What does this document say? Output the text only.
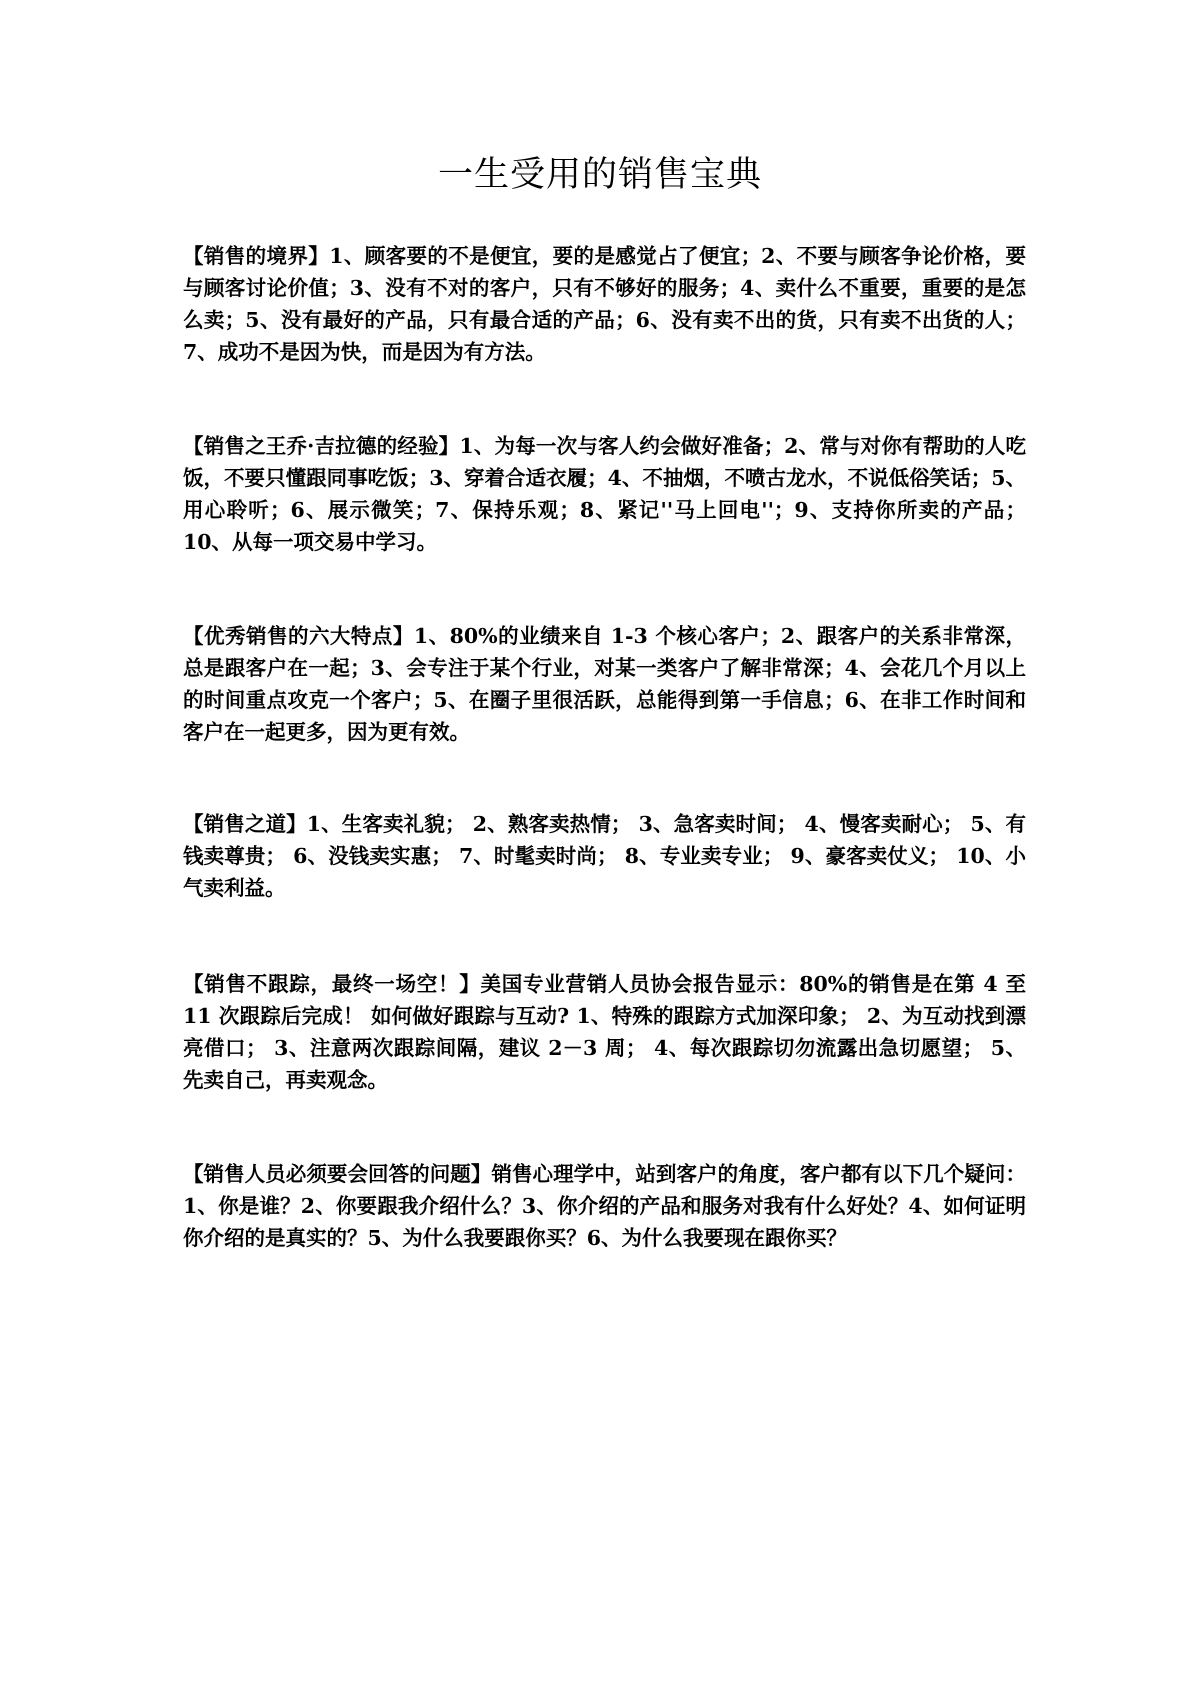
一生受用的销售宝典

【销售的境界】1、顾客要的不是便宜，要的是感觉占了便宜；2、不要与顾客争论价格，要与顾客讨论价值；3、没有不对的客户，只有不够好的服务；4、卖什么不重要，重要的是怎么卖；5、没有最好的产品，只有最合适的产品；6、没有卖不出的货，只有卖不出货的人；7、成功不是因为快，而是因为有方法。

【销售之王乔·吉拉德的经验】1、为每一次与客人约会做好准备；2、常与对你有帮助的人吃饭，不要只懂跟同事吃饭；3、穿着合适衣履；4、不抽烟，不喷古龙水，不说低俗笑话；5、用心聆听；6、展示微笑；7、保持乐观；8、紧记''马上回电''；9、支持你所卖的产品；10、从每一项交易中学习。

【优秀销售的六大特点】1、80%的业绩来自 1-3 个核心客户；2、跟客户的关系非常深，总是跟客户在一起；3、会专注于某个行业，对某一类客户了解非常深；4、会花几个月以上的时间重点攻克一个客户；5、在圈子里很活跃，总能得到第一手信息；6、在非工作时间和客户在一起更多，因为更有效。

【销售之道】1、生客卖礼貌； 2、熟客卖热情； 3、急客卖时间； 4、慢客卖耐心； 5、有钱卖尊贵； 6、没钱卖实惠； 7、时髦卖时尚； 8、专业卖专业； 9、豪客卖仗义； 10、小气卖利益。

【销售不跟踪，最终一场空！】美国专业营销人员协会报告显示：80%的销售是在第 4 至 11 次跟踪后完成！ 如何做好跟踪与互动? 1、特殊的跟踪方式加深印象； 2、为互动找到漂亮借口； 3、注意两次跟踪间隔，建议 2－3 周； 4、每次跟踪切勿流露出急切愿望； 5、先卖自己，再卖观念。

【销售人员必须要会回答的问题】销售心理学中，站到客户的角度，客户都有以下几个疑问：1、你是谁？2、你要跟我介绍什么？3、你介绍的产品和服务对我有什么好处？4、如何证明你介绍的是真实的？5、为什么我要跟你买？6、为什么我要现在跟你买？
